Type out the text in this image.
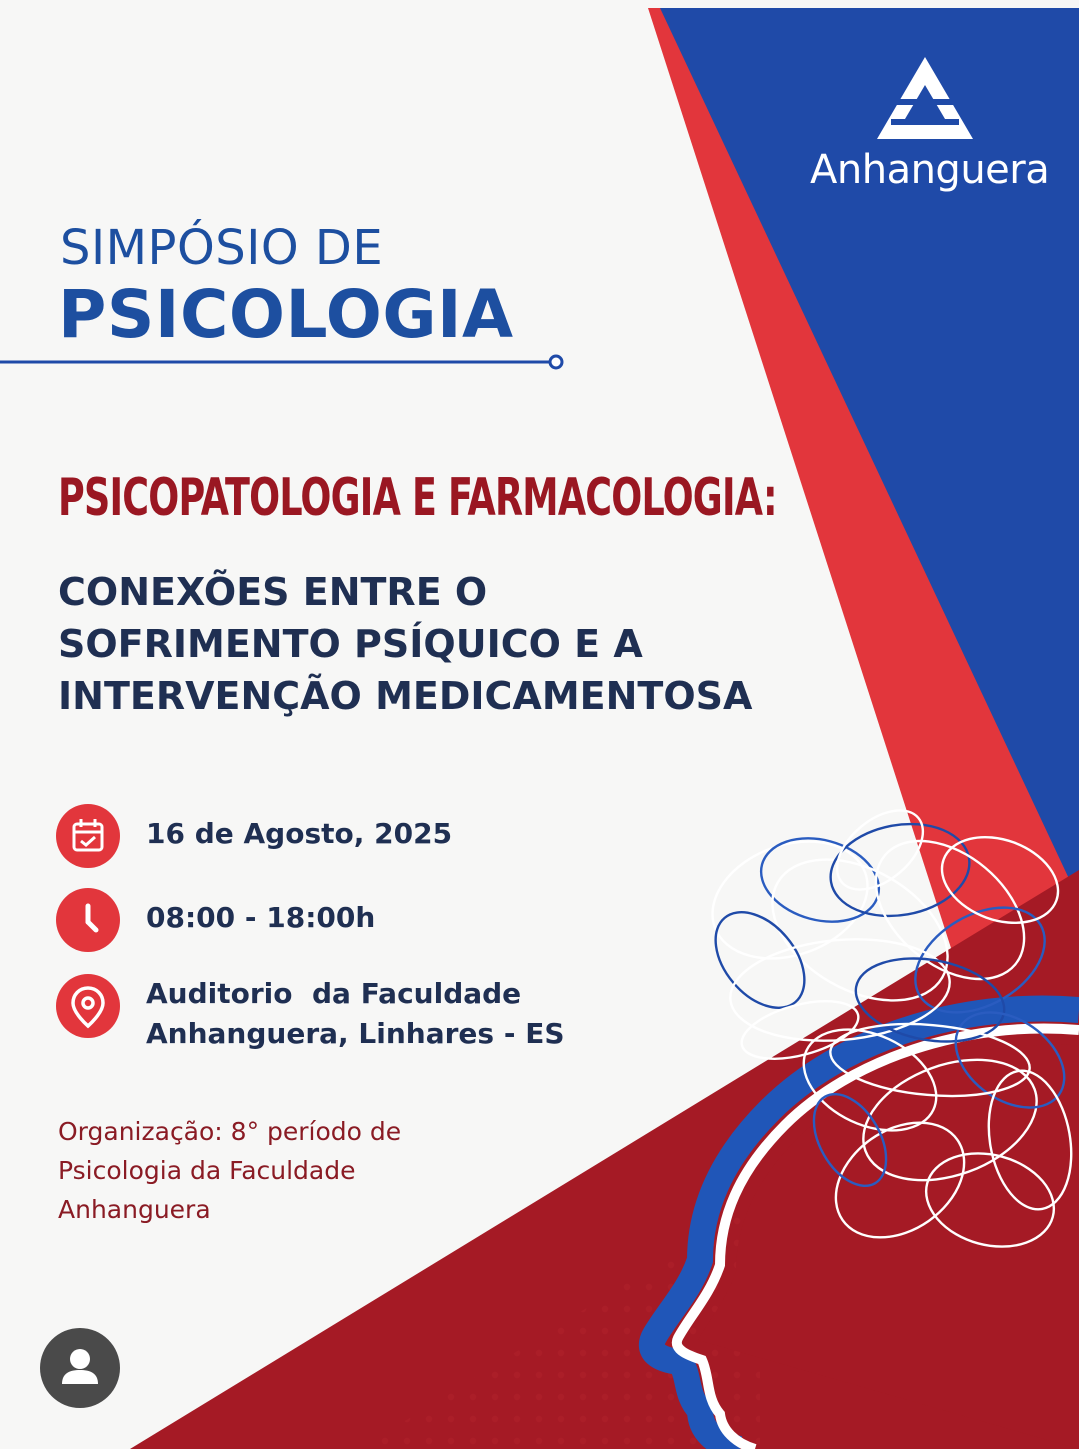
Anhanguera
SIMPÓSIO DE
PSICOLOGIA
PSICOPATOLOGIA E FARMACOLOGIA:
CONEXÕES ENTRE O
SOFRIMENTO PSÍQUICO E A
INTERVENÇÃO MEDICAMENTOSA
16 de Agosto, 2025
08:00 - 18:00h
Auditorio  da Faculdade
Anhanguera, Linhares - ES
Organização: 8° período de
Psicologia da Faculdade
Anhanguera
